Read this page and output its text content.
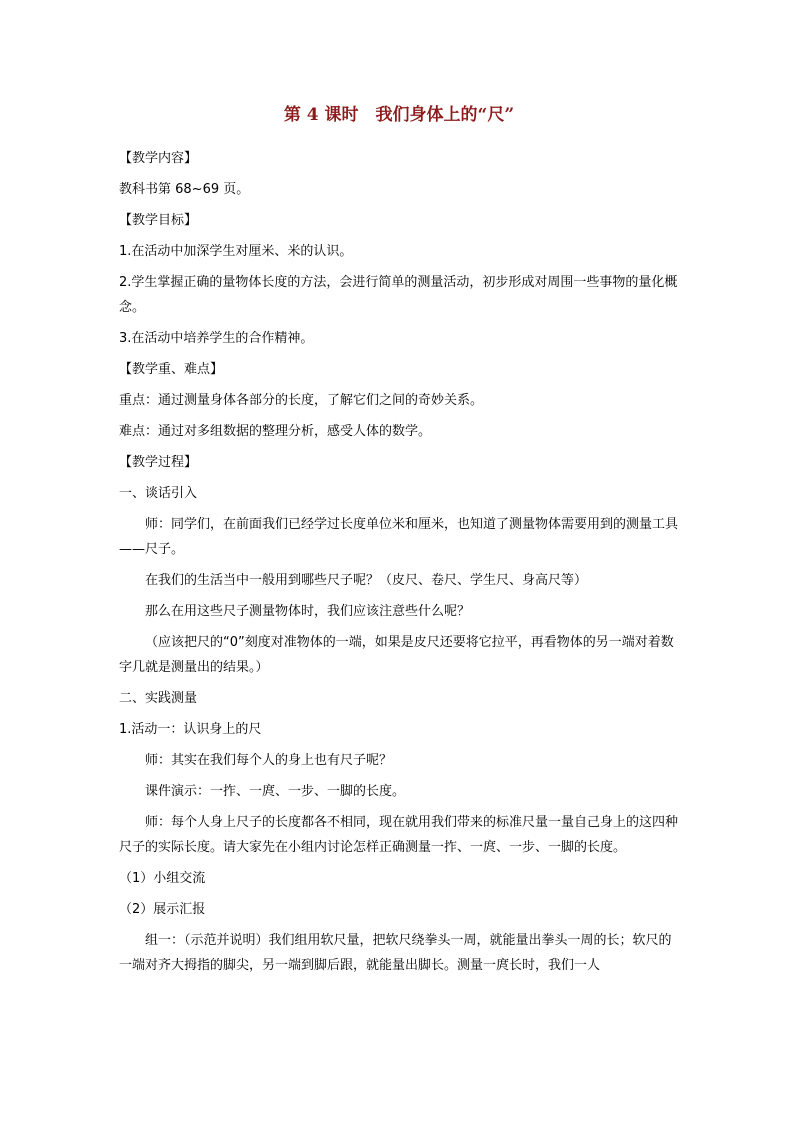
第 4 课时　我们身体上的“尺”
【教学内容】
教科书第 68~69 页。
【教学目标】
1.在活动中加深学生对厘米、米的认识。
2.学生掌握正确的量物体长度的方法，会进行简单的测量活动，初步形成对周围一些事物的量化概念。
3.在活动中培养学生的合作精神。
【教学重、难点】
重点：通过测量身体各部分的长度，了解它们之间的奇妙关系。
难点：通过对多组数据的整理分析，感受人体的数学。
【教学过程】
一、谈话引入
师：同学们，在前面我们已经学过长度单位米和厘米，也知道了测量物体需要用到的测量工具——尺子。
在我们的生活当中一般用到哪些尺子呢？（皮尺、卷尺、学生尺、身高尺等）
那么在用这些尺子测量物体时，我们应该注意些什么呢？
（应该把尺的“0”刻度对准物体的一端，如果是皮尺还要将它拉平，再看物体的另一端对着数字几就是测量出的结果。）
二、实践测量
1.活动一：认识身上的尺
师：其实在我们每个人的身上也有尺子呢？
课件演示：一拃、一庹、一步、一脚的长度。
师：每个人身上尺子的长度都各不相同，现在就用我们带来的标准尺量一量自己身上的这四种尺子的实际长度。请大家先在小组内讨论怎样正确测量一拃、一庹、一步、一脚的长度。
（1）小组交流
（2）展示汇报
组一：（示范并说明）我们组用软尺量，把软尺绕拳头一周，就能量出拳头一周的长；软尺的一端对齐大拇指的脚尖，另一端到脚后跟，就能量出脚长。测量一庹长时，我们一人
